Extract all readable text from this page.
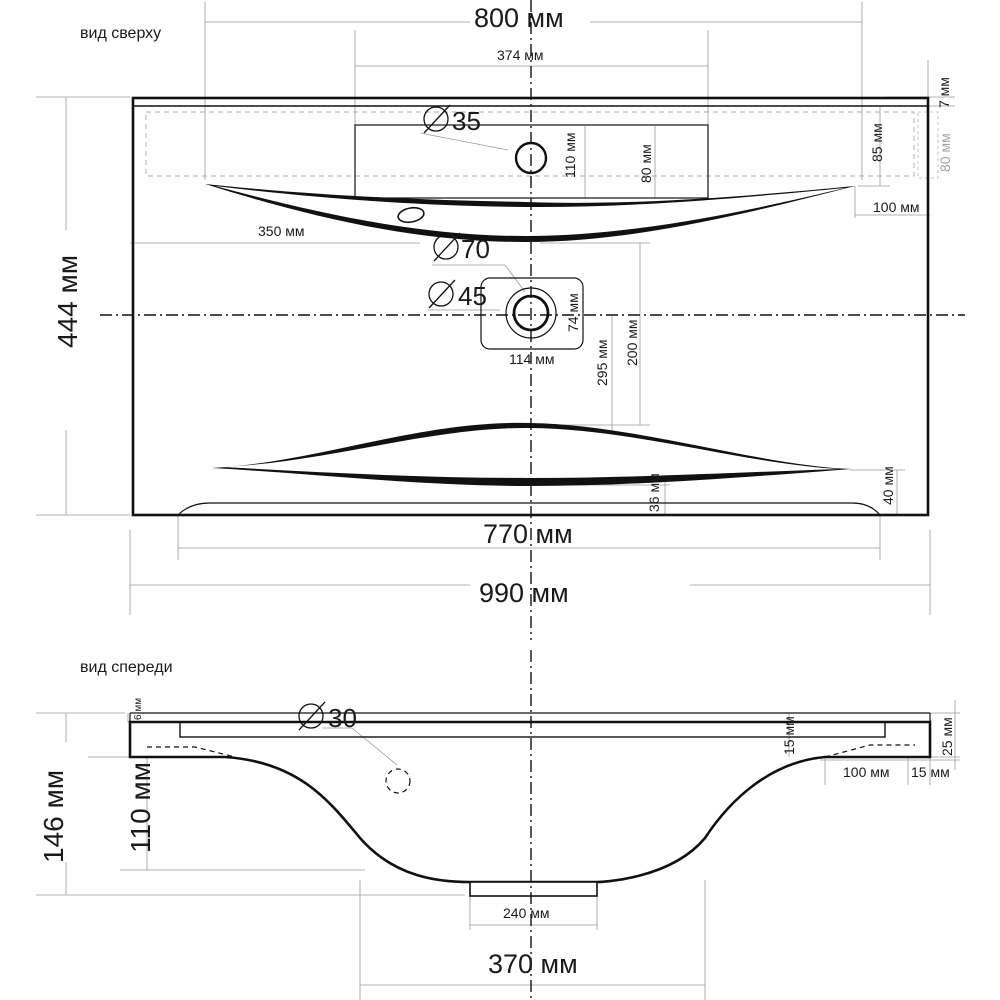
вид сверху
800 мм
374 мм
35
70
45
350 мм
114 мм
100 мм
770 мм
990 мм
444 мм
7 мм
85 мм	80 мм
110 мм	80 мм
74 мм
295 мм 200 мм
36 мм	40 мм
вид спереди
30
100 мм 15 мм
240 мм
370 мм
146 мм 110 мм
6 мм
25 мм
15 мм
